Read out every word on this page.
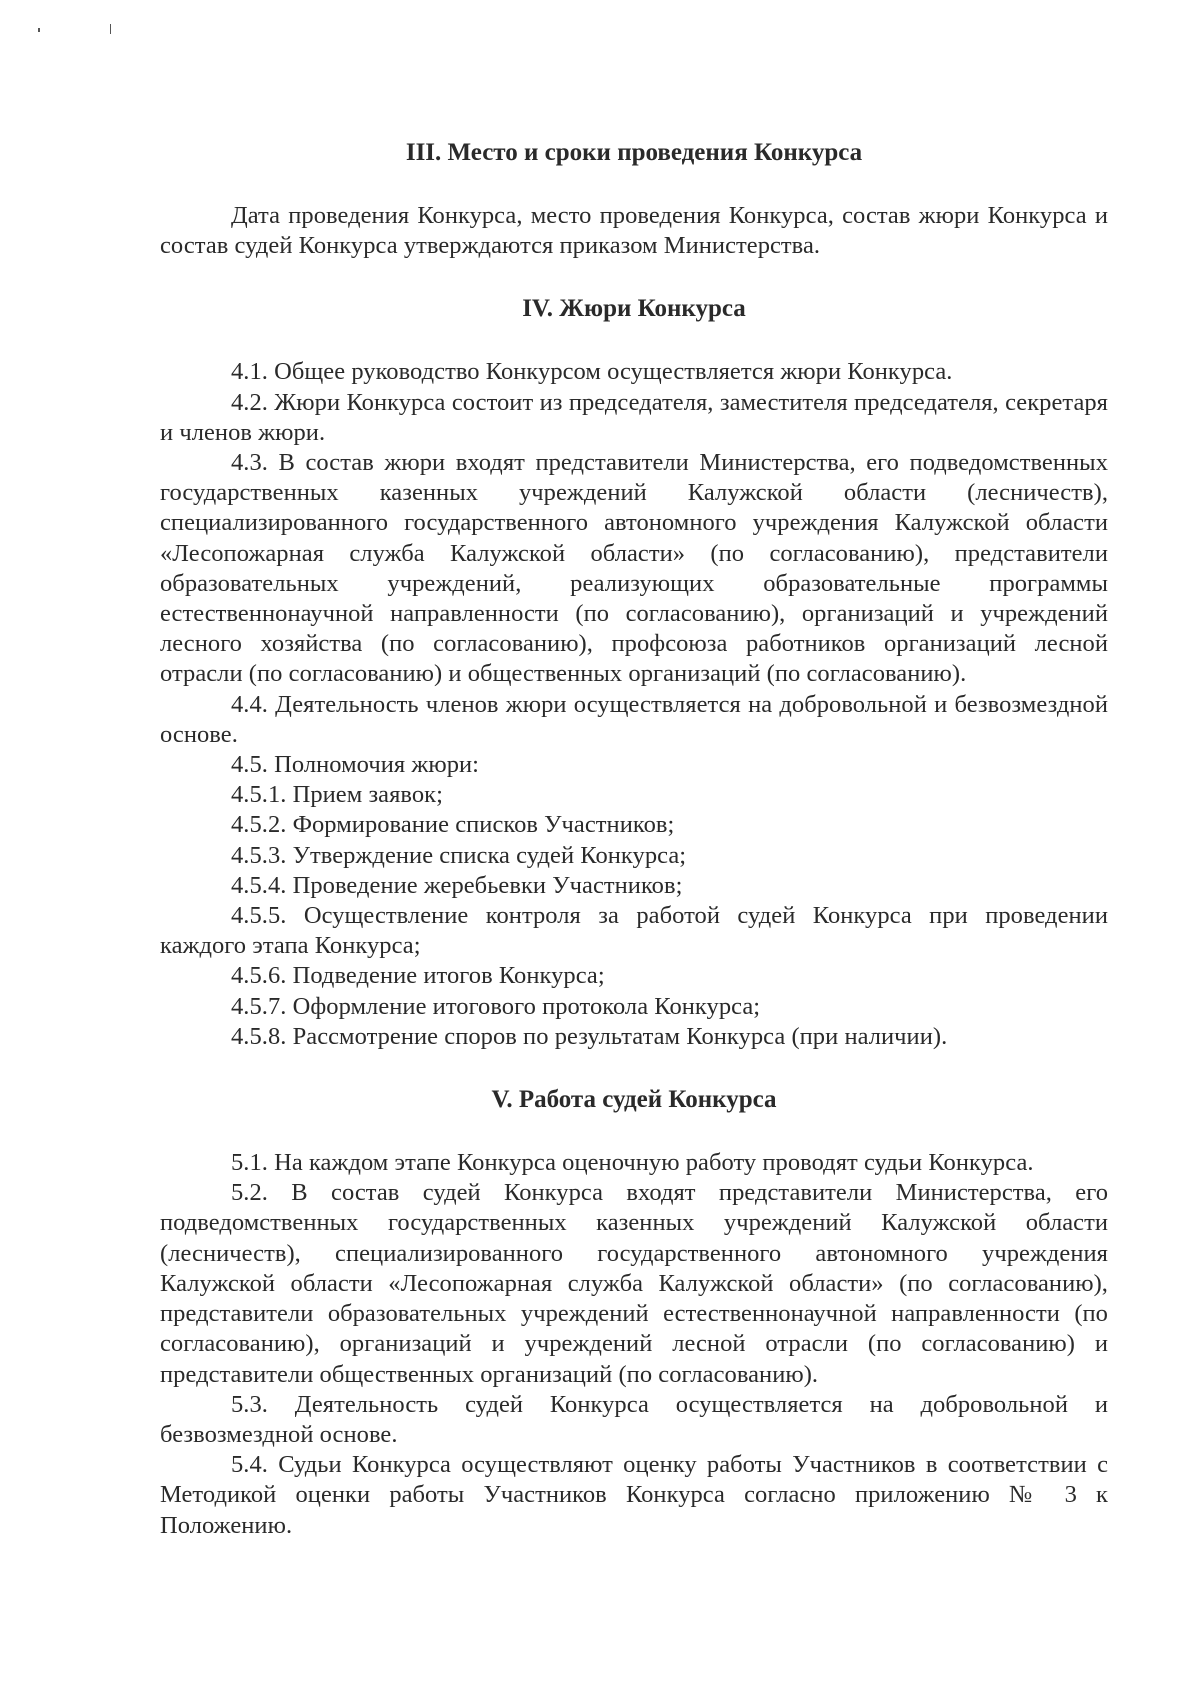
III. Место и сроки проведения Конкурса

Дата проведения Конкурса, место проведения Конкурса, состав жюри Конкурса и состав судей Конкурса утверждаются приказом Министерства.

IV. Жюри Конкурса

4.1. Общее руководство Конкурсом осуществляется жюри Конкурса.

4.2. Жюри Конкурса состоит из председателя, заместителя председателя, секретаря и членов жюри.

4.3. В состав жюри входят представители Министерства, его подведомственных государственных казенных учреждений Калужской области (лесничеств), специализированного государственного автономного учреждения Калужской области «Лесопожарная служба Калужской области» (по согласованию), представители образовательных учреждений, реализующих образовательные программы естественнонаучной направленности (по согласованию), организаций и учреждений лесного хозяйства (по согласованию), профсоюза работников организаций лесной отрасли (по согласованию) и общественных организаций (по согласованию).

4.4. Деятельность членов жюри осуществляется на добровольной и безвозмездной основе.

4.5. Полномочия жюри:

4.5.1. Прием заявок;

4.5.2. Формирование списков Участников;

4.5.3. Утверждение списка судей Конкурса;

4.5.4. Проведение жеребьевки Участников;

4.5.5. Осуществление контроля за работой судей Конкурса при проведении каждого этапа Конкурса;

4.5.6. Подведение итогов Конкурса;

4.5.7. Оформление итогового протокола Конкурса;

4.5.8. Рассмотрение споров по результатам Конкурса (при наличии).

V. Работа судей Конкурса

5.1. На каждом этапе Конкурса оценочную работу проводят судьи Конкурса.

5.2. В состав судей Конкурса входят представители Министерства, его подведомственных государственных казенных учреждений Калужской области (лесничеств), специализированного государственного автономного учреждения Калужской области «Лесопожарная служба Калужской области» (по согласованию), представители образовательных учреждений естественнонаучной направленности (по согласованию), организаций и учреждений лесной отрасли (по согласованию) и представители общественных организаций (по согласованию).

5.3. Деятельность судей Конкурса осуществляется на добровольной и безвозмездной основе.

5.4. Судьи Конкурса осуществляют оценку работы Участников в соответствии с Методикой оценки работы Участников Конкурса согласно приложению № 3 к Положению.
